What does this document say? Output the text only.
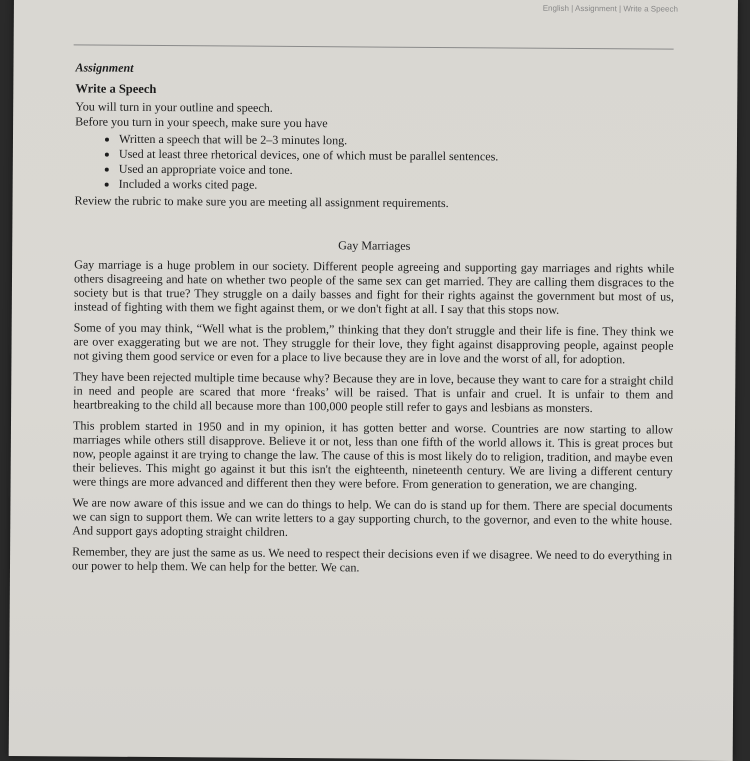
English | Assignment | Write a Speech
Assignment
Write a Speech

You will turn in your outline and speech.

Before you turn in your speech, make sure you have

• Written a speech that will be 2–3 minutes long.
• Used at least three rhetorical devices, one of which must be parallel sentences.
• Used an appropriate voice and tone.
• Included a works cited page.

Review the rubric to make sure you are meeting all assignment requirements.

Gay Marriages

Gay marriage is a huge problem in our society. Different people agreeing and supporting gay marriages and rights while others disagreeing and hate on whether two people of the same sex can get married. They are calling them disgraces to the society but is that true? They struggle on a daily basses and fight for their rights against the government but most of us, instead of fighting with them we fight against them, or we don't fight at all. I say that this stops now.

Some of you may think, “Well what is the problem,” thinking that they don't struggle and their life is fine. They think we are over exaggerating but we are not. They struggle for their love, they fight against disapproving people, against people not giving them good service or even for a place to live because they are in love and the worst of all, for adoption.

They have been rejected multiple time because why? Because they are in love, because they want to care for a straight child in need and people are scared that more ‘freaks’ will be raised. That is unfair and cruel. It is unfair to them and heartbreaking to the child all because more than 100,000 people still refer to gays and lesbians as monsters.

This problem started in 1950 and in my opinion, it has gotten better and worse. Countries are now starting to allow marriages while others still disapprove. Believe it or not, less than one fifth of the world allows it. This is great proces but now, people against it are trying to change the law. The cause of this is most likely do to religion, tradition, and maybe even their believes. This might go against it but this isn't the eighteenth, nineteenth century. We are living a different century were things are more advanced and different then they were before. From generation to generation, we are changing.

We are now aware of this issue and we can do things to help. We can do is stand up for them. There are special documents we can sign to support them. We can write letters to a gay supporting church, to the governor, and even to the white house. And support gays adopting straight children.

Remember, they are just the same as us. We need to respect their decisions even if we disagree. We need to do everything in our power to help them. We can help for the better. We can.
